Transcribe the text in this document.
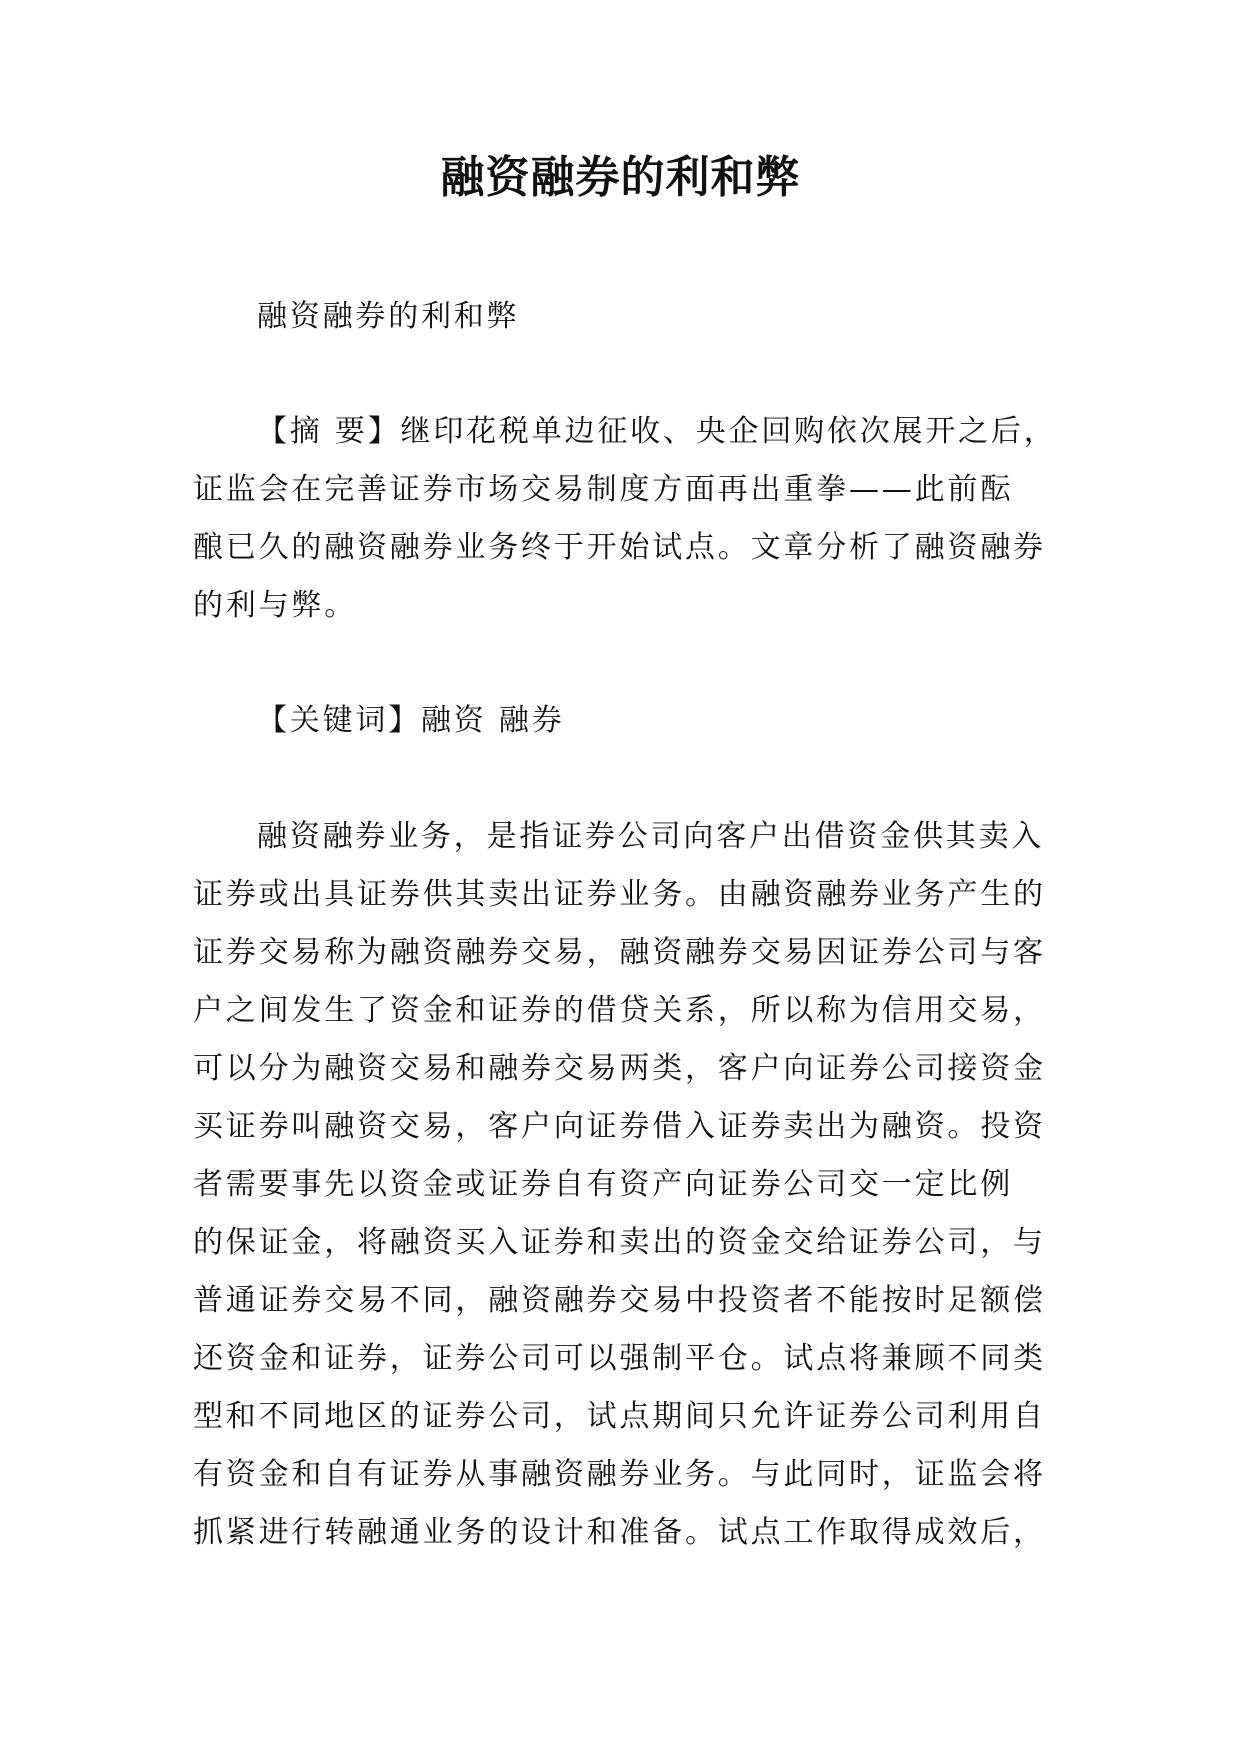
融资融券的利和弊

融资融券的利和弊

【摘 要】继印花税单边征收、央企回购依次展开之后，
证监会在完善证券市场交易制度方面再出重拳——此前酝
酿已久的融资融券业务终于开始试点。文章分析了融资融券
的利与弊。

【关键词】融资 融券

融资融券业务，是指证券公司向客户出借资金供其卖入
证券或出具证券供其卖出证券业务。由融资融券业务产生的
证券交易称为融资融券交易，融资融券交易因证券公司与客
户之间发生了资金和证券的借贷关系，所以称为信用交易，
可以分为融资交易和融券交易两类，客户向证券公司接资金
买证券叫融资交易，客户向证券借入证券卖出为融资。投资
者需要事先以资金或证券自有资产向证券公司交一定比例
的保证金，将融资买入证券和卖出的资金交给证券公司，与
普通证券交易不同，融资融券交易中投资者不能按时足额偿
还资金和证券，证券公司可以强制平仓。试点将兼顾不同类
型和不同地区的证券公司，试点期间只允许证券公司利用自
有资金和自有证券从事融资融券业务。与此同时，证监会将
抓紧进行转融通业务的设计和准备。试点工作取得成效后，
